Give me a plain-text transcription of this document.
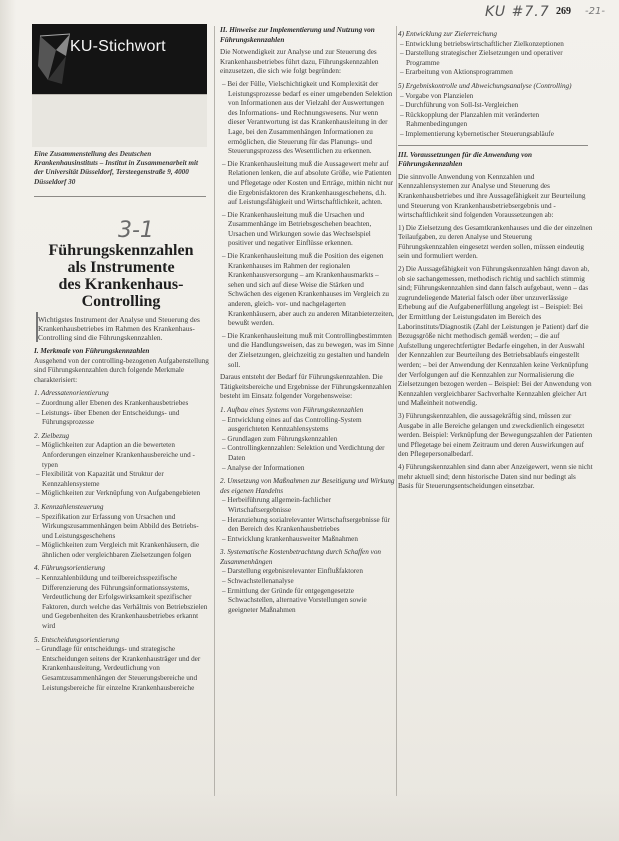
KU #7.7 269 -21-
KU-Stichwort
Eine Zusammenstellung des Deutschen Krankenhausinstituts – Institut in Zusammenarbeit mit der Universität Düsseldorf, Tersteegenstraße 9, 4000 Düsseldorf 30
3-1
Führungskennzahlen
als Instrumente
des Krankenhaus-
Controlling
Wichtigstes Instrument der Analyse und Steuerung des Krankenhausbetriebes im Rahmen des Krankenhaus-Controlling sind die Führungskennzahlen.
I. Merkmale von Führungskennzahlen

Ausgehend von der controlling-bezogenen Aufgabenstellung sind Führungskennzahlen durch folgende Merkmale charakterisiert:

1. Adressatenorientierung
– Zuordnung aller Ebenen des Krankenhausbetriebes
– Leistungs- über Ebenen der Entscheidungs- und Führungsprozesse
2. Zielbezug
– Möglichkeiten zur Adaption an die bewerteten Anforderungen einzelner Krankenhausbereiche und -typen
– Flexibilität von Kapazität und Struktur der Kennzahlensysteme
– Möglichkeiten zur Verknüpfung von Aufgabengebieten
3. Kennzahlensteuerung
– Spezifikation zur Erfassung von Ursachen und Wirkungszusammenhängen beim Abbild des Betriebs- und Leistungsgeschehens
– Möglichkeiten zum Vergleich mit Krankenhäusern, die ähnlichen oder vergleichbaren Zielsetzungen folgen
4. Führungsorientierung
– Kennzahlenbildung und teilbereichsspezifische Differenzierung des Führungsinformationssystems, Verdeutlichung der Erfolgswirksamkeit spezifischer Faktoren, durch welche das Verhältnis von Betriebszielen und Gegebenheiten des Krankenhausbetriebes erkannt wird
5. Entscheidungsorientierung
– Grundlage für entscheidungs- und strategische Entscheidungen seitens der Krankenhausträger und der Krankenhausleitung, Verdeutlichung von Gesamtzusammenhängen der Steuerungsbereiche und Leistungsbereiche für einzelne Krankenhausbereiche
II. Hinweise zur Implementierung und Nutzung von Führungskennzahlen

Die Notwendigkeit zur Analyse und zur Steuerung des Krankenhausbetriebes führt dazu, Führungskennzahlen einzusetzen, die sich wie folgt begründen:

– Bei der Fülle, Vielschichtigkeit und Komplexität der Leistungsprozesse bedarf es einer umgebenden Selektion von Informationen aus der Vielzahl der Auswertungen des Informations- und Rechnungswesens. Nur wenn dieser Verantwortung ist das Krankenhausleitung in der Lage, bei den Zusammenhängen Informationen zu ermöglichen, die Steuerung für das Planungs- und Steuerungsprozess des Wesentlichen zu erkennen.
– Die Krankenhausleitung muß die Aussagewert mehr auf Relationen lenken, die auf absolute Größe, wie Patienten und Pflegetage oder Kosten und Erträge, mithin nicht nur die Ergebnisfaktoren des Krankenhausgeschehens, d.h. auf Leistungsfähigkeit und Wirtschaftlichkeit, achten.
– Die Krankenhausleitung muß die Ursachen und Zusammenhänge im Betriebsgeschehen beachten, Ursachen und Wirkungen sowie das Wechselspiel positiver und negativer Einflüsse erkennen.
– Die Krankenhausleitung muß die Position des eigenen Krankenhauses im Rahmen der regionalen Krankenhausversorgung – am Krankenhausmarkts – sehen und sich auf diese Weise die Stärken und Schwächen des eigenen Krankenhauses im Vergleich zu anderen, gleich- vor- und nachgelagerten Krankenhäusern, aber auch zu anderen Mitanbieterzeiten, bewußt werden.
– Die Krankenhausleitung muß mit Controllingbestimmten und die Handlungsweisen, das zu bewegen, was im Sinne der Zielsetzungen, gleichzeitig zu gestalten und handeln soll.

Daraus entsteht der Bedarf für Führungskennzahlen. Die Tätigkeitsbereiche und Ergebnisse der Führungskennzahlen besteht im Einsatz folgender Vorgehensweise:

1. Aufbau eines Systems von Führungskennzahlen
– Entwicklung eines auf das Controlling-System ausgerichteten Kennzahlensystems
– Grundlagen zum Führungskennzahlen
– Controllingkennzahlen: Selektion und Verdichtung der Daten
– Analyse der Informationen
2. Umsetzung von Maßnahmen zur Beseitigung und Wirkung des eigenen Handelns
– Herbeiführung allgemein-fachlicher Wirtschaftsergebnisse
– Heranziehung sozialrelevanter Wirtschaftsergebnisse für den Bereich des Krankenhausbetriebes
– Entwicklung krankenhausweiter Maßnahmen
3. Systematische Kostenbetrachtung durch Schaffen von Zusammenhängen
– Darstellung ergebnisrelevanter Einflußfaktoren
– Schwachstellenanalyse
– Ermittlung der Gründe für entgegengesetzte Schwachstellen, alternative Vorstellungen sowie geeigneter Maßnahmen
4) Entwicklung zur Zielerreichung
– Entwicklung betriebswirtschaftlicher Zielkonzeptionen
– Darstellung strategischer Zielsetzungen und operativer Programme
– Erarbeitung von Aktionsprogrammen
5) Ergebniskontrolle und Abweichungsanalyse (Controlling)
– Vorgabe von Planzielen
– Durchführung von Soll-Ist-Vergleichen
– Rückkopplung der Planzahlen mit veränderten Rahmenbedingungen
– Implementierung kybernetischer Steuerungsabläufe
III. Voraussetzungen für die Anwendung von Führungskennzahlen

Die sinnvolle Anwendung von Kennzahlen und Kennzahlensystemen zur Analyse und Steuerung des Krankenhausbetriebes und ihre Aussagefähigkeit zur Beurteilung und Steuerung von Krankenhausbetriebsergebnis und -wirtschaftlichkeit sind folgenden Voraussetzungen ab:

1) Die Zielsetzung des Gesamtkrankenhauses und die der einzelnen Teilaufgaben, zu deren Analyse und Steuerung Führungskennzahlen eingesetzt werden sollen, müssen eindeutig sein und formuliert werden.

2) Die Aussagefähigkeit von Führungskennzahlen hängt davon ab, ob sie sachangemessen, methodisch richtig und sachlich stimmig sind; Führungskennzahlen sind dann falsch aufgebaut, wenn – das zugrundeliegende Material falsch oder über unzuverlässige Erhebung auf die Aufgabenerfüllung angelegt ist – Beispiel: Bei der Ermittlung der Leistungsdaten im Bereich des Laborinstituts/Diagnostik (Zahl der Leistungen je Patient) darf die Bezugsgröße nicht methodisch gemäß werden; – die auf Aufstellung ungerechtfertigter Bedarfe eingehen, in der Auswahl der Kennzahlen zur Beurteilung des Betriebsablaufs eingestellt werden; – bei der Anwendung der Kennzahlen keine Verknüpfung der Verfolgungen auf die Kennzahlen zur Normalisierung die Zielsetzungen bezogen werden – Beispiel: Bei der Anwendung von Kennzahlen vergleichbarer Sachverhalte Kennzahlen gleicher Art und Maßeinheit notwendig.

3) Führungskennzahlen, die aussagekräftig sind, müssen zur Ausgabe in alle Bereiche gelangen und zweckdienlich eingesetzt werden. Beispiel: Verknüpfung der Bewegungszahlen der Patienten und Pflegetage bei einem Zeitraum und deren Auswirkungen auf den Pflegepersonalbedarf.

4) Führungskennzahlen sind dann aber Anzeigewert, wenn sie nicht mehr aktuell sind; denn historische Daten sind nur bedingt als Basis für Steuerungsentscheidungen einsetzbar.
